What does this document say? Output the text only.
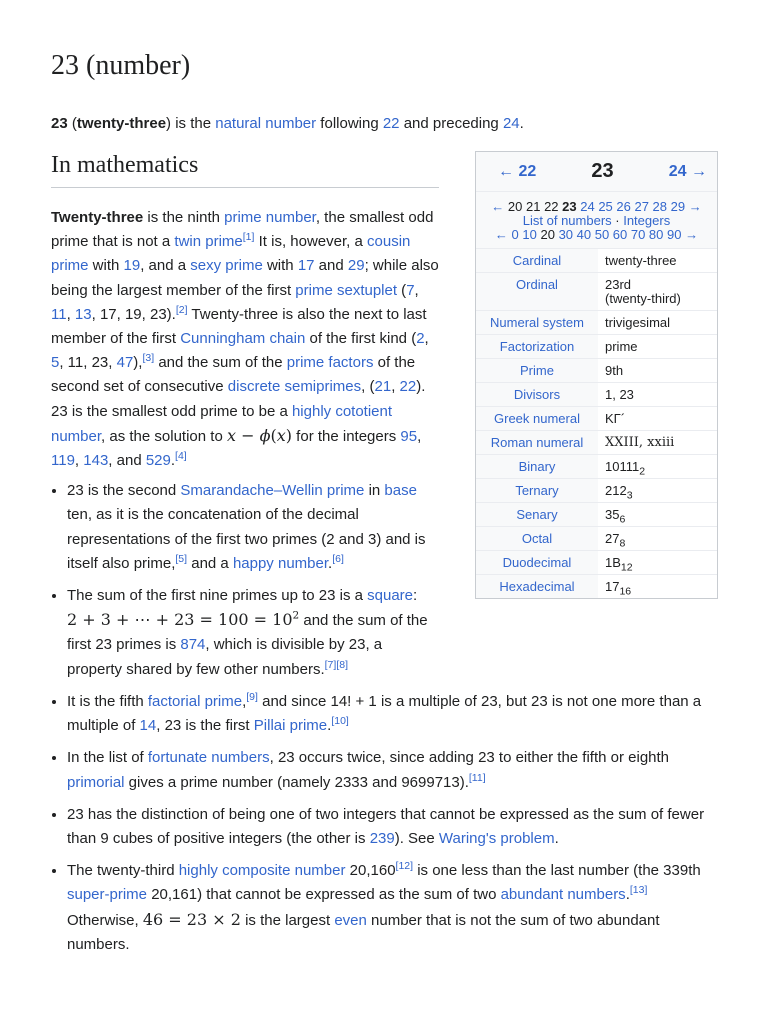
23 (number)

23 (twenty-three) is the natural number following 22 and preceding 24.

In mathematics

Twenty-three is the ninth prime number, the smallest odd prime that is not a twin prime[1] It is, however, a cousin prime with 19, and a sexy prime with 17 and 29; while also being the largest member of the first prime sextuplet (7, 11, 13, 17, 19, 23).[2] Twenty-three is also the next to last member of the first Cunningham chain of the first kind (2, 5, 11, 23, 47),[3] and the sum of the prime factors of the second set of consecutive discrete semiprimes, (21, 22). 23 is the smallest odd prime to be a highly cototient number, as the solution to x − ϕ(x) for the integers 95, 119, 143, and 529.[4]

• 23 is the second Smarandache–Wellin prime in base ten, as it is the concatenation of the decimal representations of the first two primes (2 and 3) and is itself also prime,[5] and a happy number.[6]
• The sum of the first nine primes up to 23 is a square:
2 + 3 + ⋯ + $23 = 100 = 10^2$ and the sum of the first 23 primes is 874, which is divisible by 23, a property shared by few other numbers.[7][8]
• It is the fifth factorial prime,[9] and since 14! + 1 is a multiple of 23, but 23 is not one more than a multiple of 14, 23 is the first Pillai prime.[10]
• In the list of fortunate numbers, 23 occurs twice, since adding 23 to either the fifth or eighth primorial gives a prime number (namely 2333 and 9699713).[11]
• 23 has the distinction of being one of two integers that cannot be expressed as the sum of fewer than 9 cubes of positive integers (the other is 239). See Waring's problem.
• The twenty-third highly composite number 20,160[12] is one less than the last number (the 339th super-prime 20,161) that cannot be expressed as the sum of two abundant numbers.[13]
Otherwise, 46 = 23 × 2 is the largest even number that is not the sum of two abundant numbers.
← 22	23	24 →
← 20 21 22 23 24 25 26 27 28 29 →
List of numbers · Integers
← 0 10 20 30 40 50 60 70 80 90 →
Cardinal	twenty-three
Ordinal	23rd
(twenty-third)
Numeral system	trivigesimal
Factorization	prime
Prime	9th
Divisors	1, 23
Greek numeral	ΚΓ´
Roman numeral	XXIII, xxiii
Binary	$10111_2$
Ternary	$212_3$
Senary	$35_6$
Octal	$27_8$
Duodecimal	$1B_{12}$
Hexadecimal	$17_{16}$
